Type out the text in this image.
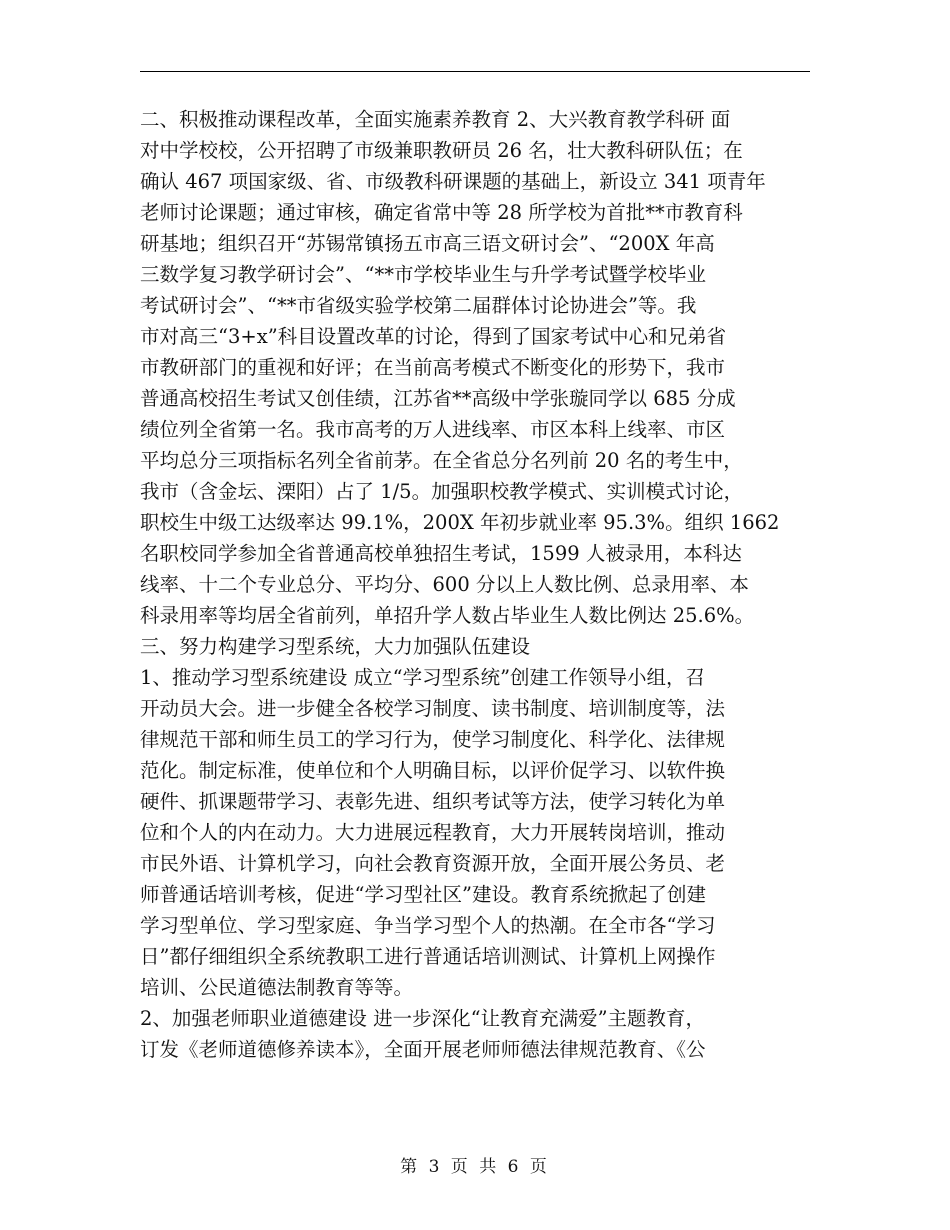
二、积极推动课程改革，全面实施素养教育 2、大兴教育教学科研 面
对中学校校，公开招聘了市级兼职教研员 26 名，壮大教科研队伍；在
确认 467 项国家级、省、市级教科研课题的基础上，新设立 341 项青年
老师讨论课题；通过审核，确定省常中等 28 所学校为首批**市教育科
研基地；组织召开“苏锡常镇扬五市高三语文研讨会”、“200X 年高
三数学复习教学研讨会”、“**市学校毕业生与升学考试暨学校毕业
考试研讨会”、“**市省级实验学校第二届群体讨论协进会”等。我
市对高三“3+x”科目设置改革的讨论，得到了国家考试中心和兄弟省
市教研部门的重视和好评；在当前高考模式不断变化的形势下，我市
普通高校招生考试又创佳绩，江苏省**高级中学张璇同学以 685 分成
绩位列全省第一名。我市高考的万人进线率、市区本科上线率、市区
平均总分三项指标名列全省前茅。在全省总分名列前 20 名的考生中，
我市（含金坛、溧阳）占了 1/5。加强职校教学模式、实训模式讨论，
职校生中级工达级率达 99.1%，200X 年初步就业率 95.3%。组织 1662
名职校同学参加全省普通高校单独招生考试，1599 人被录用，本科达
线率、十二个专业总分、平均分、600 分以上人数比例、总录用率、本
科录用率等均居全省前列，单招升学人数占毕业生人数比例达 25.6%。
三、努力构建学习型系统，大力加强队伍建设
1、推动学习型系统建设 成立“学习型系统”创建工作领导小组，召
开动员大会。进一步健全各校学习制度、读书制度、培训制度等，法
律规范干部和师生员工的学习行为，使学习制度化、科学化、法律规
范化。制定标准，使单位和个人明确目标，以评价促学习、以软件换
硬件、抓课题带学习、表彰先进、组织考试等方法，使学习转化为单
位和个人的内在动力。大力进展远程教育，大力开展转岗培训，推动
市民外语、计算机学习，向社会教育资源开放，全面开展公务员、老
师普通话培训考核，促进“学习型社区”建设。教育系统掀起了创建
学习型单位、学习型家庭、争当学习型个人的热潮。在全市各“学习
日”都仔细组织全系统教职工进行普通话培训测试、计算机上网操作
培训、公民道德法制教育等等。
2、加强老师职业道德建设 进一步深化“让教育充满爱”主题教育，
订发《老师道德修养读本》，全面开展老师师德法律规范教育、《公
第 3 页 共 6 页
